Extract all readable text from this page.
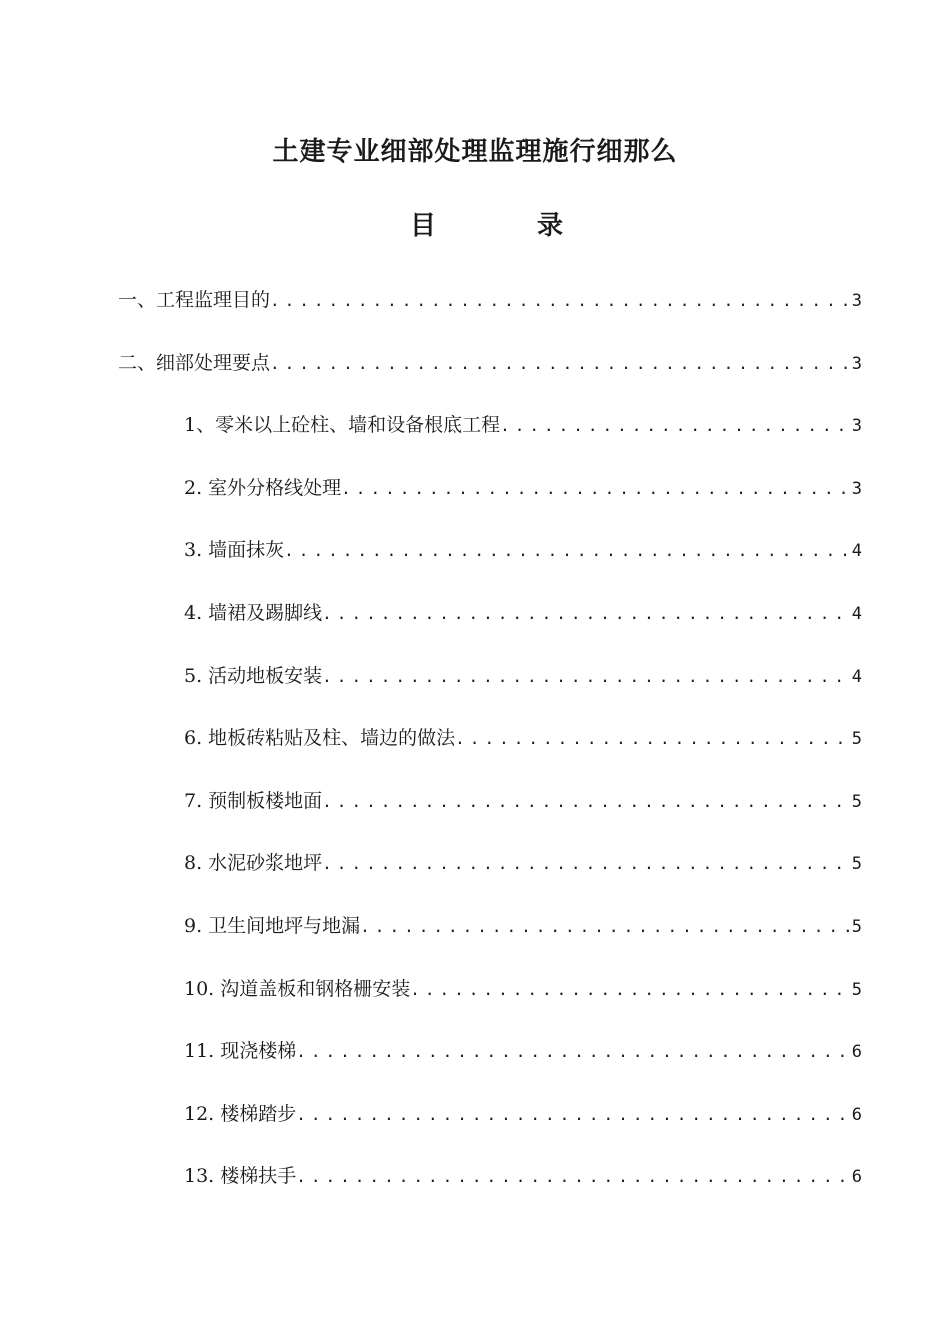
土建专业细部处理监理施行细那么
目	录
一、工程监理目的 .....	3
二、细部处理要点 .....	3
1、零米以上砼柱、墙和设备根底工程 .....	3
2. 室外分格线处理 .....	3
3. 墙面抹灰 .....	4
4. 墙裙及踢脚线 .....	4
5. 活动地板安装 .....	4
6. 地板砖粘贴及柱、墙边的做法 .....	5
7. 预制板楼地面 .....	5
8. 水泥砂浆地坪 .....	5
9. 卫生间地坪与地漏 .....	5
10. 沟道盖板和钢格栅安装 .....	5
11. 现浇楼梯 .....	6
12. 楼梯踏步 .....	6
13. 楼梯扶手 .....	6
